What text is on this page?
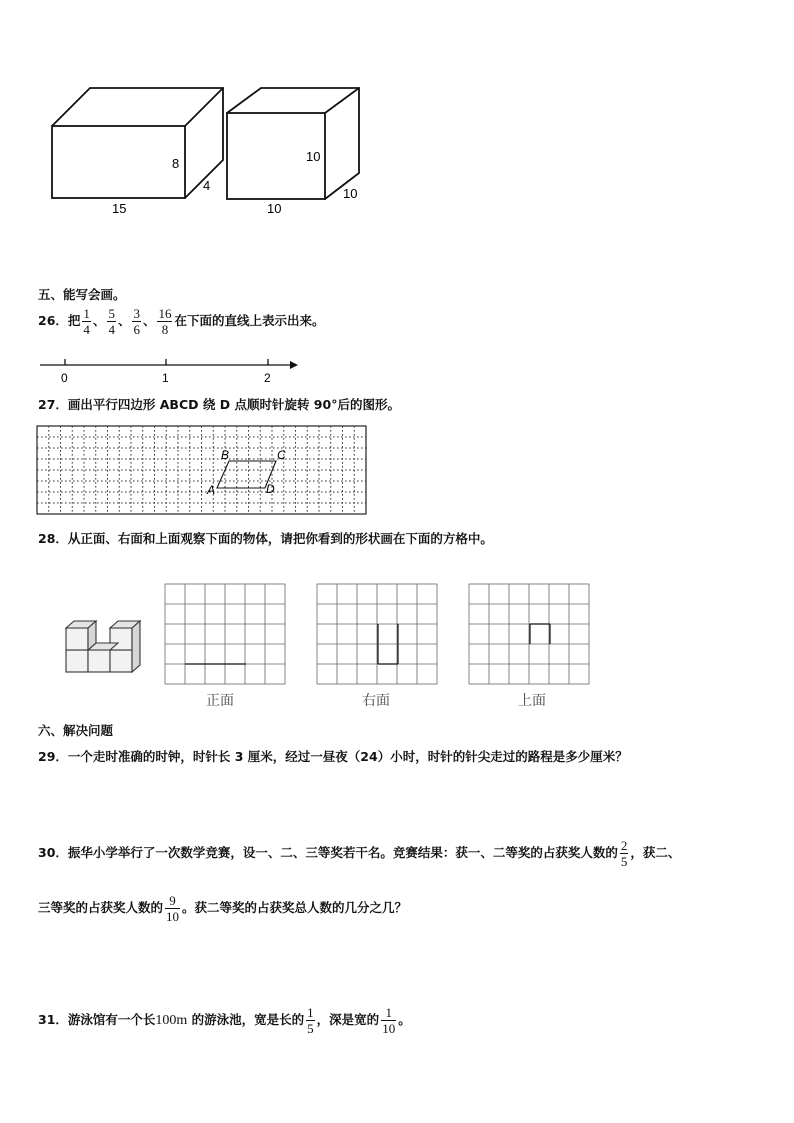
15
8
4
10
10
10
五、能写会画。
26．把 $\frac{1}{4}$ 、 $\frac{5}{4}$ 、 $\frac{3}{6}$ 、 $\frac{16}{8}$ 在下面的直线上表示出来。
0	1	2
27．画出平行四边形 ABCD 绕 D 点顺时针旋转 90°后的图形。
A
B	C
D
28．从正面、右面和上面观察下面的物体，请把你看到的形状画在下面的方格中。
正面	右面	上面
六、解决问题
29．一个走时准确的时钟，时针长 3 厘米，经过一昼夜（24）小时，时针的针尖走过的路程是多少厘米？
30．振华小学举行了一次数学竞赛，设一、二、三等奖若干名。竞赛结果：获一、二等奖的占获奖人数的 $\frac{2}{5}$ ，获二、
三等奖的占获奖人数的 $\frac{9}{10}$ 。获二等奖的占获奖总人数的几分之几？
31．游泳馆有一个长100m 的游泳池，宽是长的 $\frac{1}{5}$ ，深是宽的 $\frac{1}{10}$ 。
